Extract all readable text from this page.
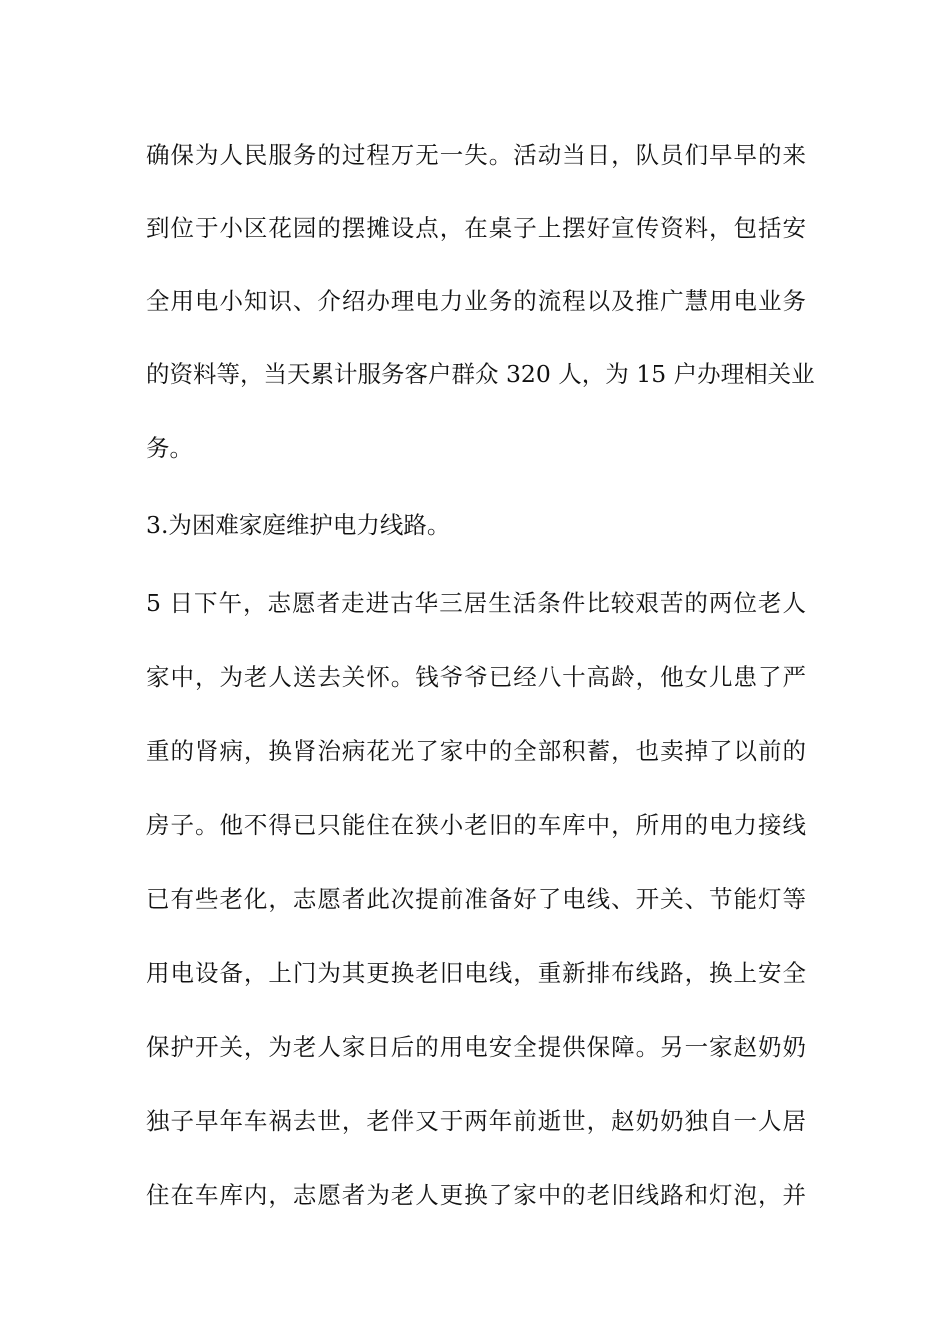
确保为人民服务的过程万无一失。活动当日，队员们早早的来
到位于小区花园的摆摊设点，在桌子上摆好宣传资料，包括安
全用电小知识、介绍办理电力业务的流程以及推广慧用电业务
的资料等，当天累计服务客户群众 320 人，为 15 户办理相关业
务。
3.为困难家庭维护电力线路。
5 日下午，志愿者走进古华三居生活条件比较艰苦的两位老人
家中，为老人送去关怀。钱爷爷已经八十高龄，他女儿患了严
重的肾病，换肾治病花光了家中的全部积蓄，也卖掉了以前的
房子。他不得已只能住在狭小老旧的车库中，所用的电力接线
已有些老化，志愿者此次提前准备好了电线、开关、节能灯等
用电设备，上门为其更换老旧电线，重新排布线路，换上安全
保护开关，为老人家日后的用电安全提供保障。另一家赵奶奶
独子早年车祸去世，老伴又于两年前逝世，赵奶奶独自一人居
住在车库内，志愿者为老人更换了家中的老旧线路和灯泡，并
